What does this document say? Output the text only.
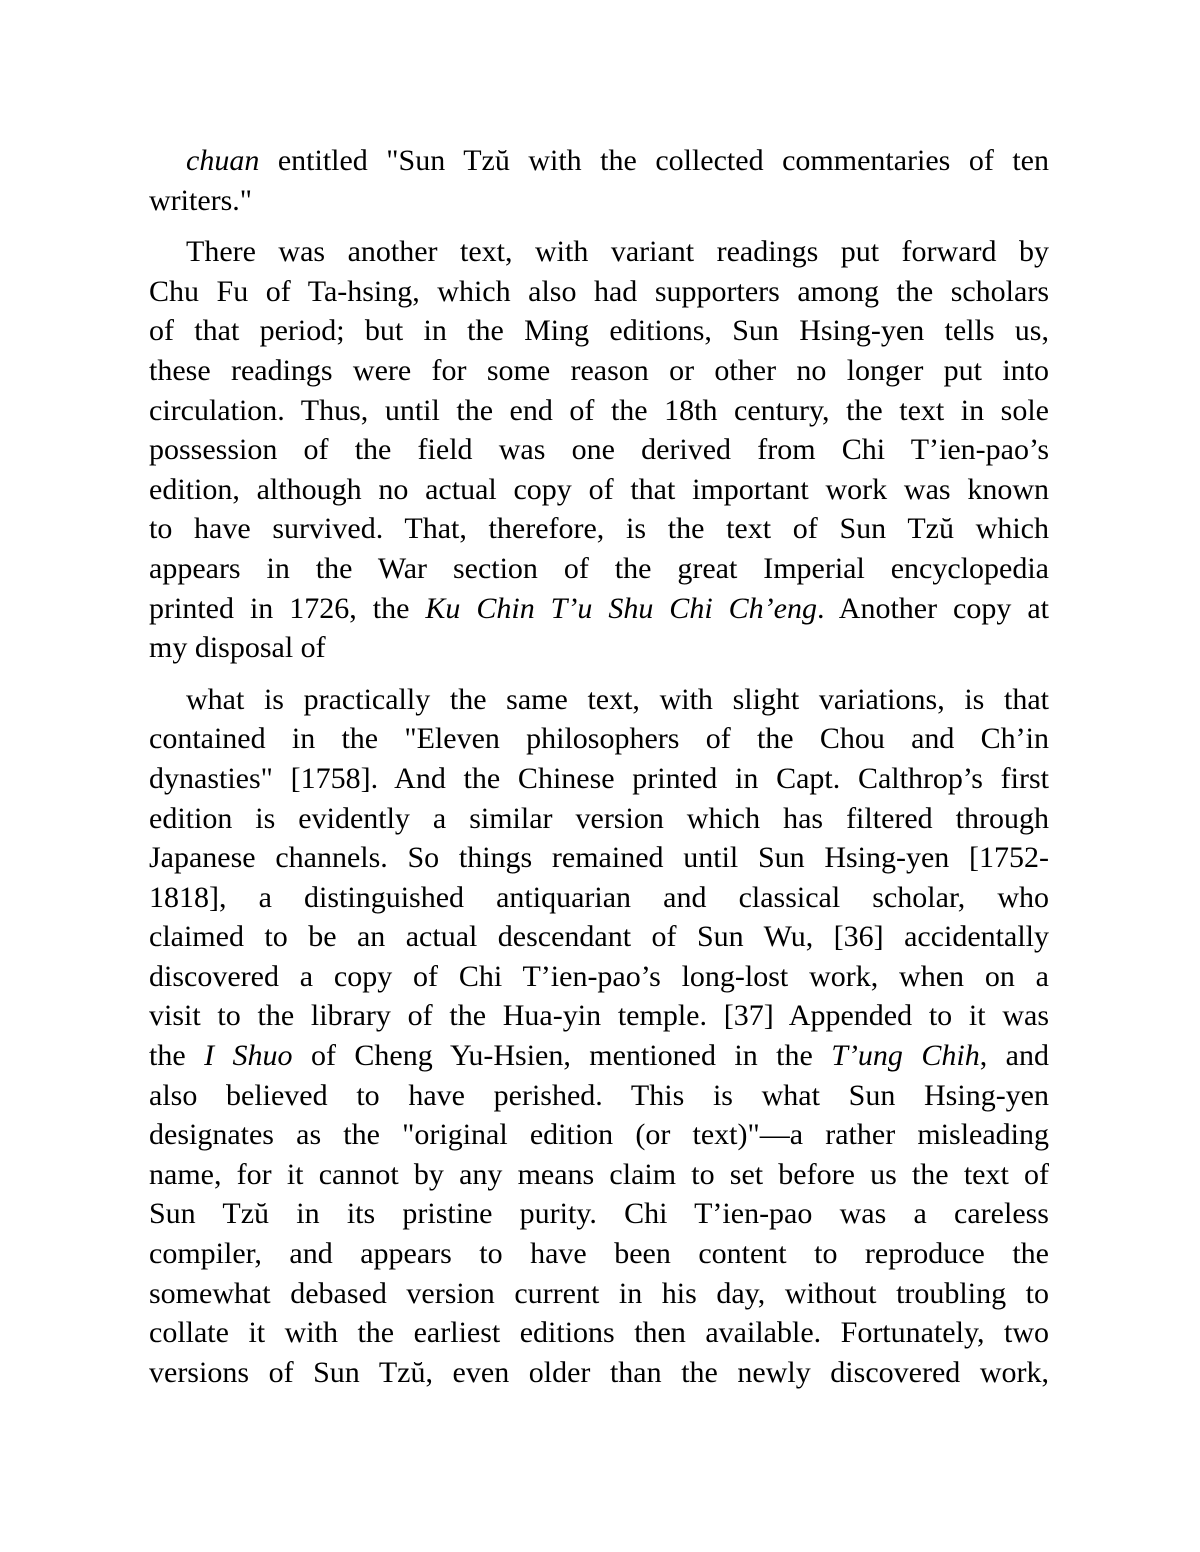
chuan entitled "Sun Tzŭ with the collected commentaries of ten
writers."
There was another text, with variant readings put forward by
Chu Fu of Ta-hsing, which also had supporters among the scholars
of that period; but in the Ming editions, Sun Hsing-yen tells us,
these readings were for some reason or other no longer put into
circulation. Thus, until the end of the 18th century, the text in sole
possession of the field was one derived from Chi T’ien-pao’s
edition, although no actual copy of that important work was known
to have survived. That, therefore, is the text of Sun Tzŭ which
appears in the War section of the great Imperial encyclopedia
printed in 1726, the Ku Chin T’u Shu Chi Ch’eng. Another copy at
my disposal of
what is practically the same text, with slight variations, is that
contained in the "Eleven philosophers of the Chou and Ch’in
dynasties" [1758]. And the Chinese printed in Capt. Calthrop’s first
edition is evidently a similar version which has filtered through
Japanese channels. So things remained until Sun Hsing-yen [1752-
1818], a distinguished antiquarian and classical scholar, who
claimed to be an actual descendant of Sun Wu, [36] accidentally
discovered a copy of Chi T’ien-pao’s long-lost work, when on a
visit to the library of the Hua-yin temple. [37] Appended to it was
the I Shuo of Cheng Yu-Hsien, mentioned in the T’ung Chih, and
also believed to have perished. This is what Sun Hsing-yen
designates as the "original edition (or text)"—a rather misleading
name, for it cannot by any means claim to set before us the text of
Sun Tzŭ in its pristine purity. Chi T’ien-pao was a careless
compiler, and appears to have been content to reproduce the
somewhat debased version current in his day, without troubling to
collate it with the earliest editions then available. Fortunately, two
versions of Sun Tzŭ, even older than the newly discovered work,
